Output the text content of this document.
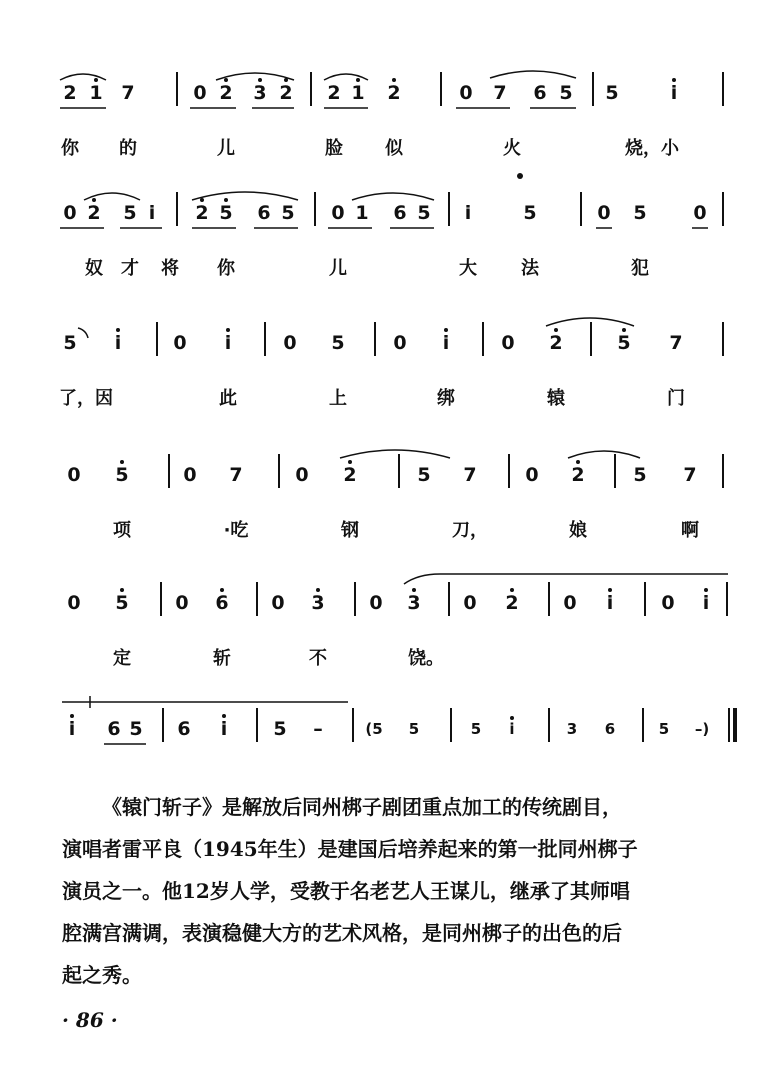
2 1 7	0 2 3 2 2 1 2	0 7 6 5 5	i
你 的	儿	脸 似	火	烧，小
0 2 5 i 2 5 6 5 0 1 6 5 i	5	0 5 0
奴 才 将 你	儿	大 法	犯
5 i	0 i	0 5	0 i	0 2	5 7
了，因	此	上	绑	辕	门
0 5	0 7	0 2	5 7	0 2	5 7
项	·吃	钢	刀，	娘	啊
0 5 0 6 0 3 0 3 0 2 0 i	0 i
定	斩	不	饶。
i 6 5 6 i 5 –	(5 5	5 i	3 6	5 –)

《辕门斩子》是解放后同州梆子剧团重点加工的传统剧目，

演唱者雷平良（1945年生）是建国后培养起来的第一批同州梆子

演员之一。他12岁人学，受教于名老艺人王谋儿，继承了其师唱

腔满宫满调，表演稳健大方的艺术风格，是同州梆子的出色的后

起之秀。

· 86 ·
